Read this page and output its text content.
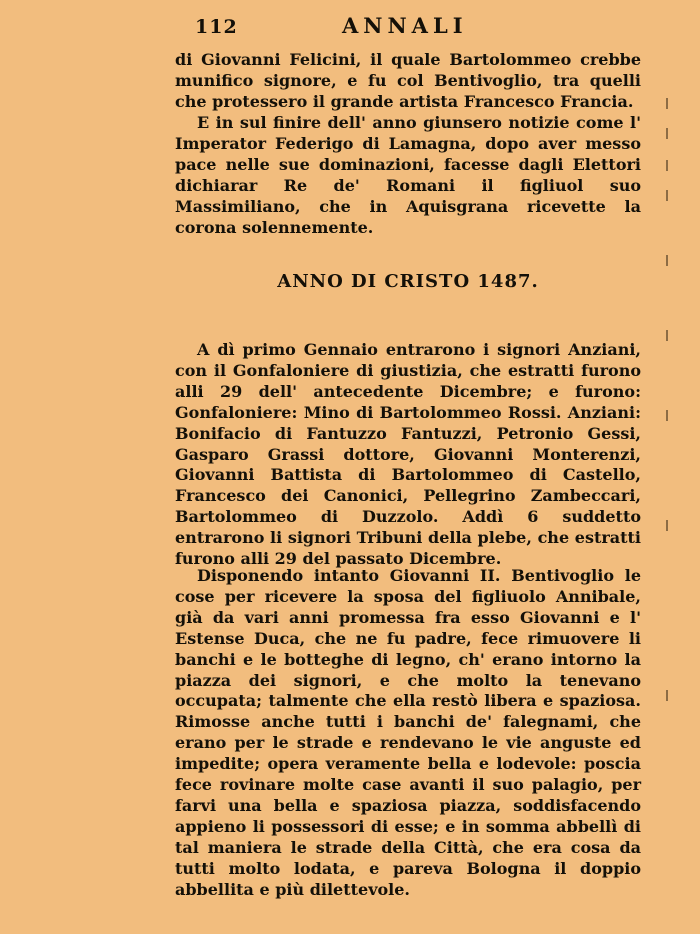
112	ANNALI

di Giovanni Felicini, il quale Bartolommeo crebbe munifico signore, e fu col Bentivoglio, tra quelli che protessero il grande artista Francesco Francia.

E in sul finire dell' anno giunsero notizie come l' Imperator Federigo di Lamagna, dopo aver messo pace nelle sue dominazioni, facesse dagli Elettori dichiarar Re de' Romani il figliuol suo Massimiliano, che in Aquisgrana ricevette la corona solennemente.

ANNO DI CRISTO 1487.

A dì primo Gennaio entrarono i signori Anziani, con il Gonfaloniere di giustizia, che estratti furono alli 29 dell' antecedente Dicembre; e furono: Gonfaloniere: Mino di Bartolommeo Rossi. Anziani: Bonifacio di Fantuzzo Fantuzzi, Petronio Gessi, Gasparo Grassi dottore, Giovanni Monterenzi, Giovanni Battista di Bartolommeo di Castello, Francesco dei Canonici, Pellegrino Zambeccari, Bartolommeo di Duzzolo. Addì 6 suddetto entrarono li signori Tribuni della plebe, che estratti furono alli 29 del passato Dicembre.

Disponendo intanto Giovanni II. Bentivoglio le cose per ricevere la sposa del figliuolo Annibale, già da vari anni promessa fra esso Giovanni e l' Estense Duca, che ne fu padre, fece rimuovere li banchi e le botteghe di legno, ch' erano intorno la piazza dei signori, e che molto la tenevano occupata; talmente che ella restò libera e spaziosa. Rimosse anche tutti i banchi de' falegnami, che erano per le strade e rendevano le vie anguste ed impedite; opera veramente bella e lodevole: poscia fece rovinare molte case avanti il suo palagio, per farvi una bella e spaziosa piazza, soddisfacendo appieno li possessori di esse; e in somma abbellì di tal maniera le strade della Città, che era cosa da tutti molto lodata, e pareva Bologna il doppio abbellita e più dilettevole.
